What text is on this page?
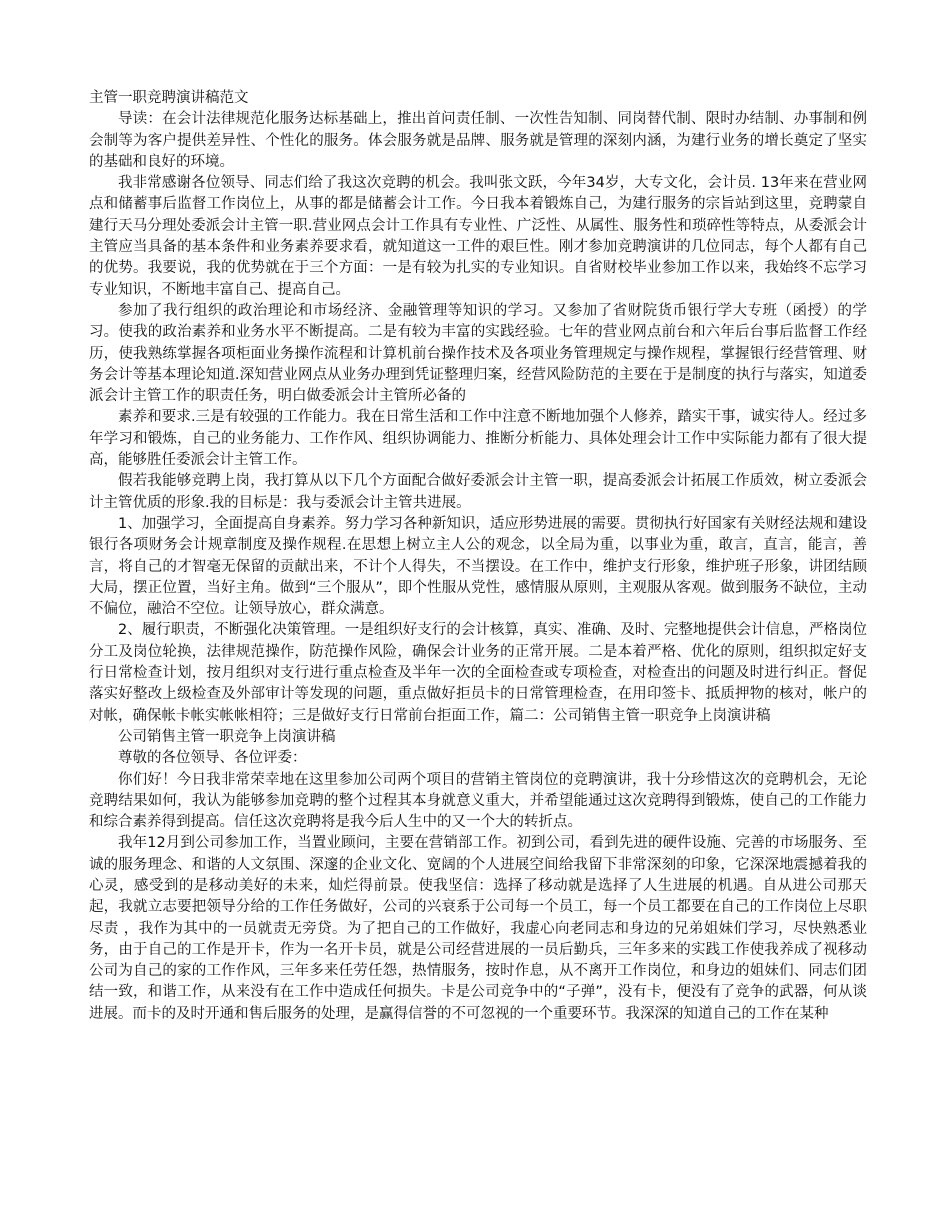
主管一职竞聘演讲稿范文

导读：在会计法律规范化服务达标基础上，推出首问责任制、一次性告知制、同岗替代制、限时办结制、办事制和例会制等为客户提供差异性、个性化的服务。体会服务就是品牌、服务就是管理的深刻内涵，为建行业务的增长奠定了坚实的基础和良好的环境。

我非常感谢各位领导、同志们给了我这次竞聘的机会。我叫张文跃，今年34岁，大专文化，会计员. 13年来在营业网点和储蓄事后监督工作岗位上，从事的都是储蓄会计工作。今日我本着锻炼自己，为建行服务的宗旨站到这里，竞聘蒙自建行天马分理处委派会计主管一职.营业网点会计工作具有专业性、广泛性、从属性、服务性和琐碎性等特点，从委派会计主管应当具备的基本条件和业务素养要求看，就知道这一工件的艰巨性。刚才参加竞聘演讲的几位同志，每个人都有自己的优势。我要说，我的优势就在于三个方面：一是有较为扎实的专业知识。自省财校毕业参加工作以来，我始终不忘学习专业知识，不断地丰富自己、提高自己。

参加了我行组织的政治理论和市场经济、金融管理等知识的学习。又参加了省财院货币银行学大专班（函授）的学习。使我的政治素养和业务水平不断提高。二是有较为丰富的实践经验。七年的营业网点前台和六年后台事后监督工作经历，使我熟练掌握各项柜面业务操作流程和计算机前台操作技术及各项业务管理规定与操作规程，掌握银行经营管理、财务会计等基本理论知道.深知营业网点从业务办理到凭证整理归案，经营风险防范的主要在于是制度的执行与落实，知道委派会计主管工作的职责任务，明白做委派会计主管所必备的

素养和要求.三是有较强的工作能力。我在日常生活和工作中注意不断地加强个人修养，踏实干事，诚实待人。经过多年学习和锻炼，自己的业务能力、工作作风、组织协调能力、推断分析能力、具体处理会计工作中实际能力都有了很大提高，能够胜任委派会计主管工作。

假若我能够竞聘上岗，我打算从以下几个方面配合做好委派会计主管一职，提高委派会计拓展工作质效，树立委派会计主管优质的形象.我的目标是：我与委派会计主管共进展。

1、加强学习，全面提高自身素养。努力学习各种新知识，适应形势进展的需要。贯彻执行好国家有关财经法规和建设银行各项财务会计规章制度及操作规程.在思想上树立主人公的观念，以全局为重，以事业为重，敢言，直言，能言，善言，将自己的才智毫无保留的贡献出来，不计个人得失，不当摆设。在工作中，维护支行形象，维护班子形象，讲团结顾大局，摆正位置，当好主角。做到“三个服从”，即个性服从党性，感情服从原则，主观服从客观。做到服务不缺位，主动不偏位，融洽不空位。让领导放心，群众满意。

2、履行职责，不断强化决策管理。一是组织好支行的会计核算，真实、准确、及时、完整地提供会计信息，严格岗位分工及岗位轮换，法律规范操作，防范操作风险，确保会计业务的正常开展。二是本着严格、优化的原则，组织拟定好支行日常检查计划，按月组织对支行进行重点检查及半年一次的全面检查或专项检查，对检查出的问题及时进行纠正。督促落实好整改上级检查及外部审计等发现的问题，重点做好拒员卡的日常管理检查，在用印签卡、抵质押物的核对，帐户的对帐，确保帐卡帐实帐帐相符；三是做好支行日常前台拒面工作，篇二：公司销售主管一职竞争上岗演讲稿

公司销售主管一职竞争上岗演讲稿

尊敬的各位领导、各位评委：

你们好！今日我非常荣幸地在这里参加公司两个项目的营销主管岗位的竞聘演讲，我十分珍惜这次的竞聘机会，无论竞聘结果如何，我认为能够参加竞聘的整个过程其本身就意义重大，并希望能通过这次竞聘得到锻炼，使自己的工作能力和综合素养得到提高。信任这次竞聘将是我今后人生中的又一个大的转折点。

我年12月到公司参加工作，当置业顾问，主要在营销部工作。初到公司，看到先进的硬件设施、完善的市场服务、至诚的服务理念、和谐的人文氛围、深邃的企业文化、宽阔的个人进展空间给我留下非常深刻的印象，它深深地震撼着我的心灵，感受到的是移动美好的未来，灿烂得前景。使我坚信：选择了移动就是选择了人生进展的机遇。自从进公司那天起，我就立志要把领导分给的工作任务做好，公司的兴衰系于公司每一个员工，每一个员工都要在自己的工作岗位上尽职尽责 ，我作为其中的一员就责无旁贷。为了把自己的工作做好，我虚心向老同志和身边的兄弟姐妹们学习，尽快熟悉业务，由于自己的工作是开卡，作为一名开卡员，就是公司经营进展的一员后勤兵，三年多来的实践工作使我养成了视移动公司为自己的家的工作作风，三年多来任劳任怨，热情服务，按时作息，从不离开工作岗位，和身边的姐妹们、同志们团结一致，和谐工作，从来没有在工作中造成任何损失。卡是公司竞争中的“子弹”，没有卡，便没有了竞争的武器，何从谈进展。而卡的及时开通和售后服务的处理，是赢得信誉的不可忽视的一个重要环节。我深深的知道自己的工作在某种
